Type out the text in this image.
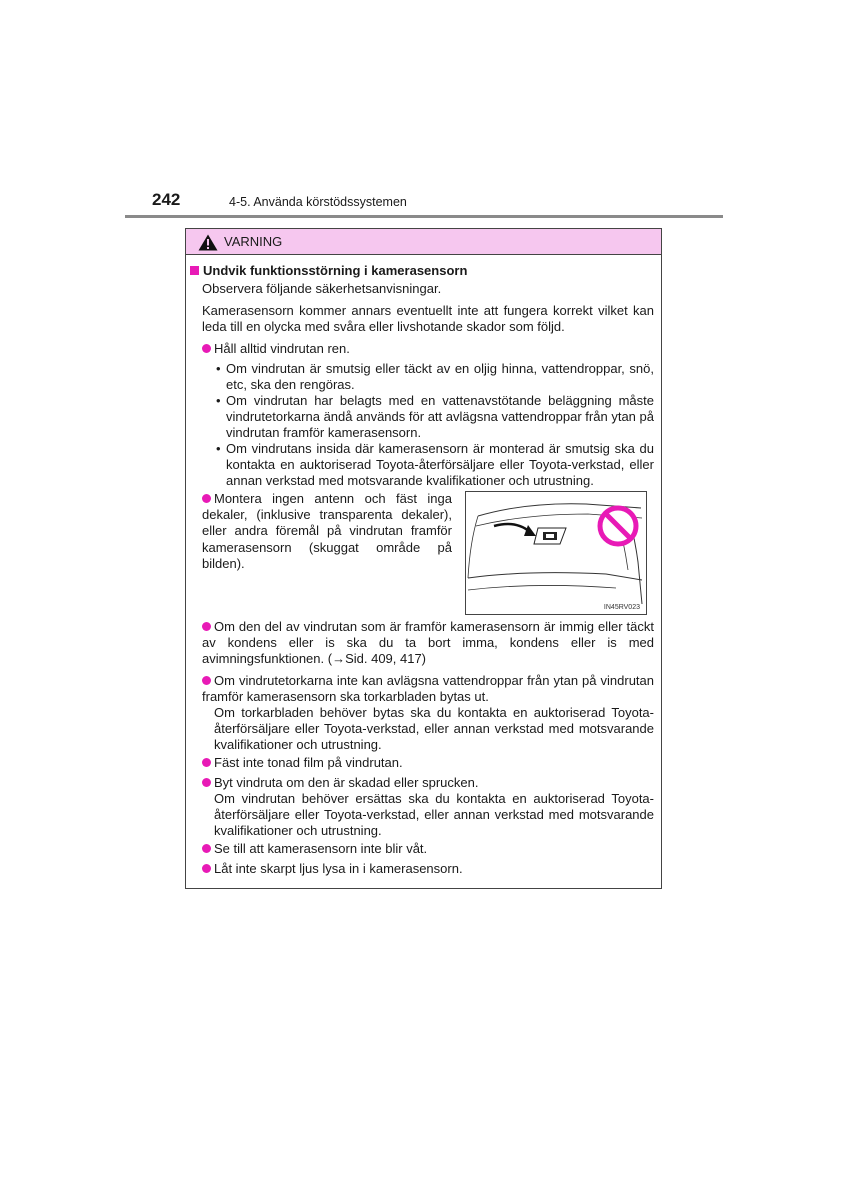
242	4-5. Använda körstödssystemen
VARNING
Undvik funktionsstörning i kamerasensorn
Observera följande säkerhetsanvisningar.
Kamerasensorn kommer annars eventuellt inte att fungera korrekt vilket kan leda till en olycka med svåra eller livshotande skador som följd.
Håll alltid vindrutan ren.
• Om vindrutan är smutsig eller täckt av en oljig hinna, vattendroppar, snö, etc, ska den rengöras.
• Om vindrutan har belagts med en vattenavstötande beläggning måste vindrutetorkarna ändå används för att avlägsna vattendroppar från ytan på vindrutan framför kamerasensorn.
• Om vindrutans insida där kamerasensorn är monterad är smutsig ska du kontakta en auktoriserad Toyota-återförsäljare eller Toyota-verkstad, eller annan verkstad med motsvarande kvalifikationer och utrustning.
Montera ingen antenn och fäst inga dekaler, (inklusive transparenta dekaler), eller andra föremål på vindrutan framför kamerasensorn (skuggat område på bilden).
Om den del av vindrutan som är framför kamerasensorn är immig eller täckt av kondens eller is ska du ta bort imma, kondens eller is med avimningsfunktionen. (→Sid. 409, 417)
Om vindrutetorkarna inte kan avlägsna vattendroppar från ytan på vindrutan framför kamerasensorn ska torkarbladen bytas ut.
Om torkarbladen behöver bytas ska du kontakta en auktoriserad Toyota-återförsäljare eller Toyota-verkstad, eller annan verkstad med motsvarande kvalifikationer och utrustning.
Fäst inte tonad film på vindrutan.
Byt vindruta om den är skadad eller sprucken.
Om vindrutan behöver ersättas ska du kontakta en auktoriserad Toyota-återförsäljare eller Toyota-verkstad, eller annan verkstad med motsvarande kvalifikationer och utrustning.
Se till att kamerasensorn inte blir våt.
Låt inte skarpt ljus lysa in i kamerasensorn.
IN45RV023
